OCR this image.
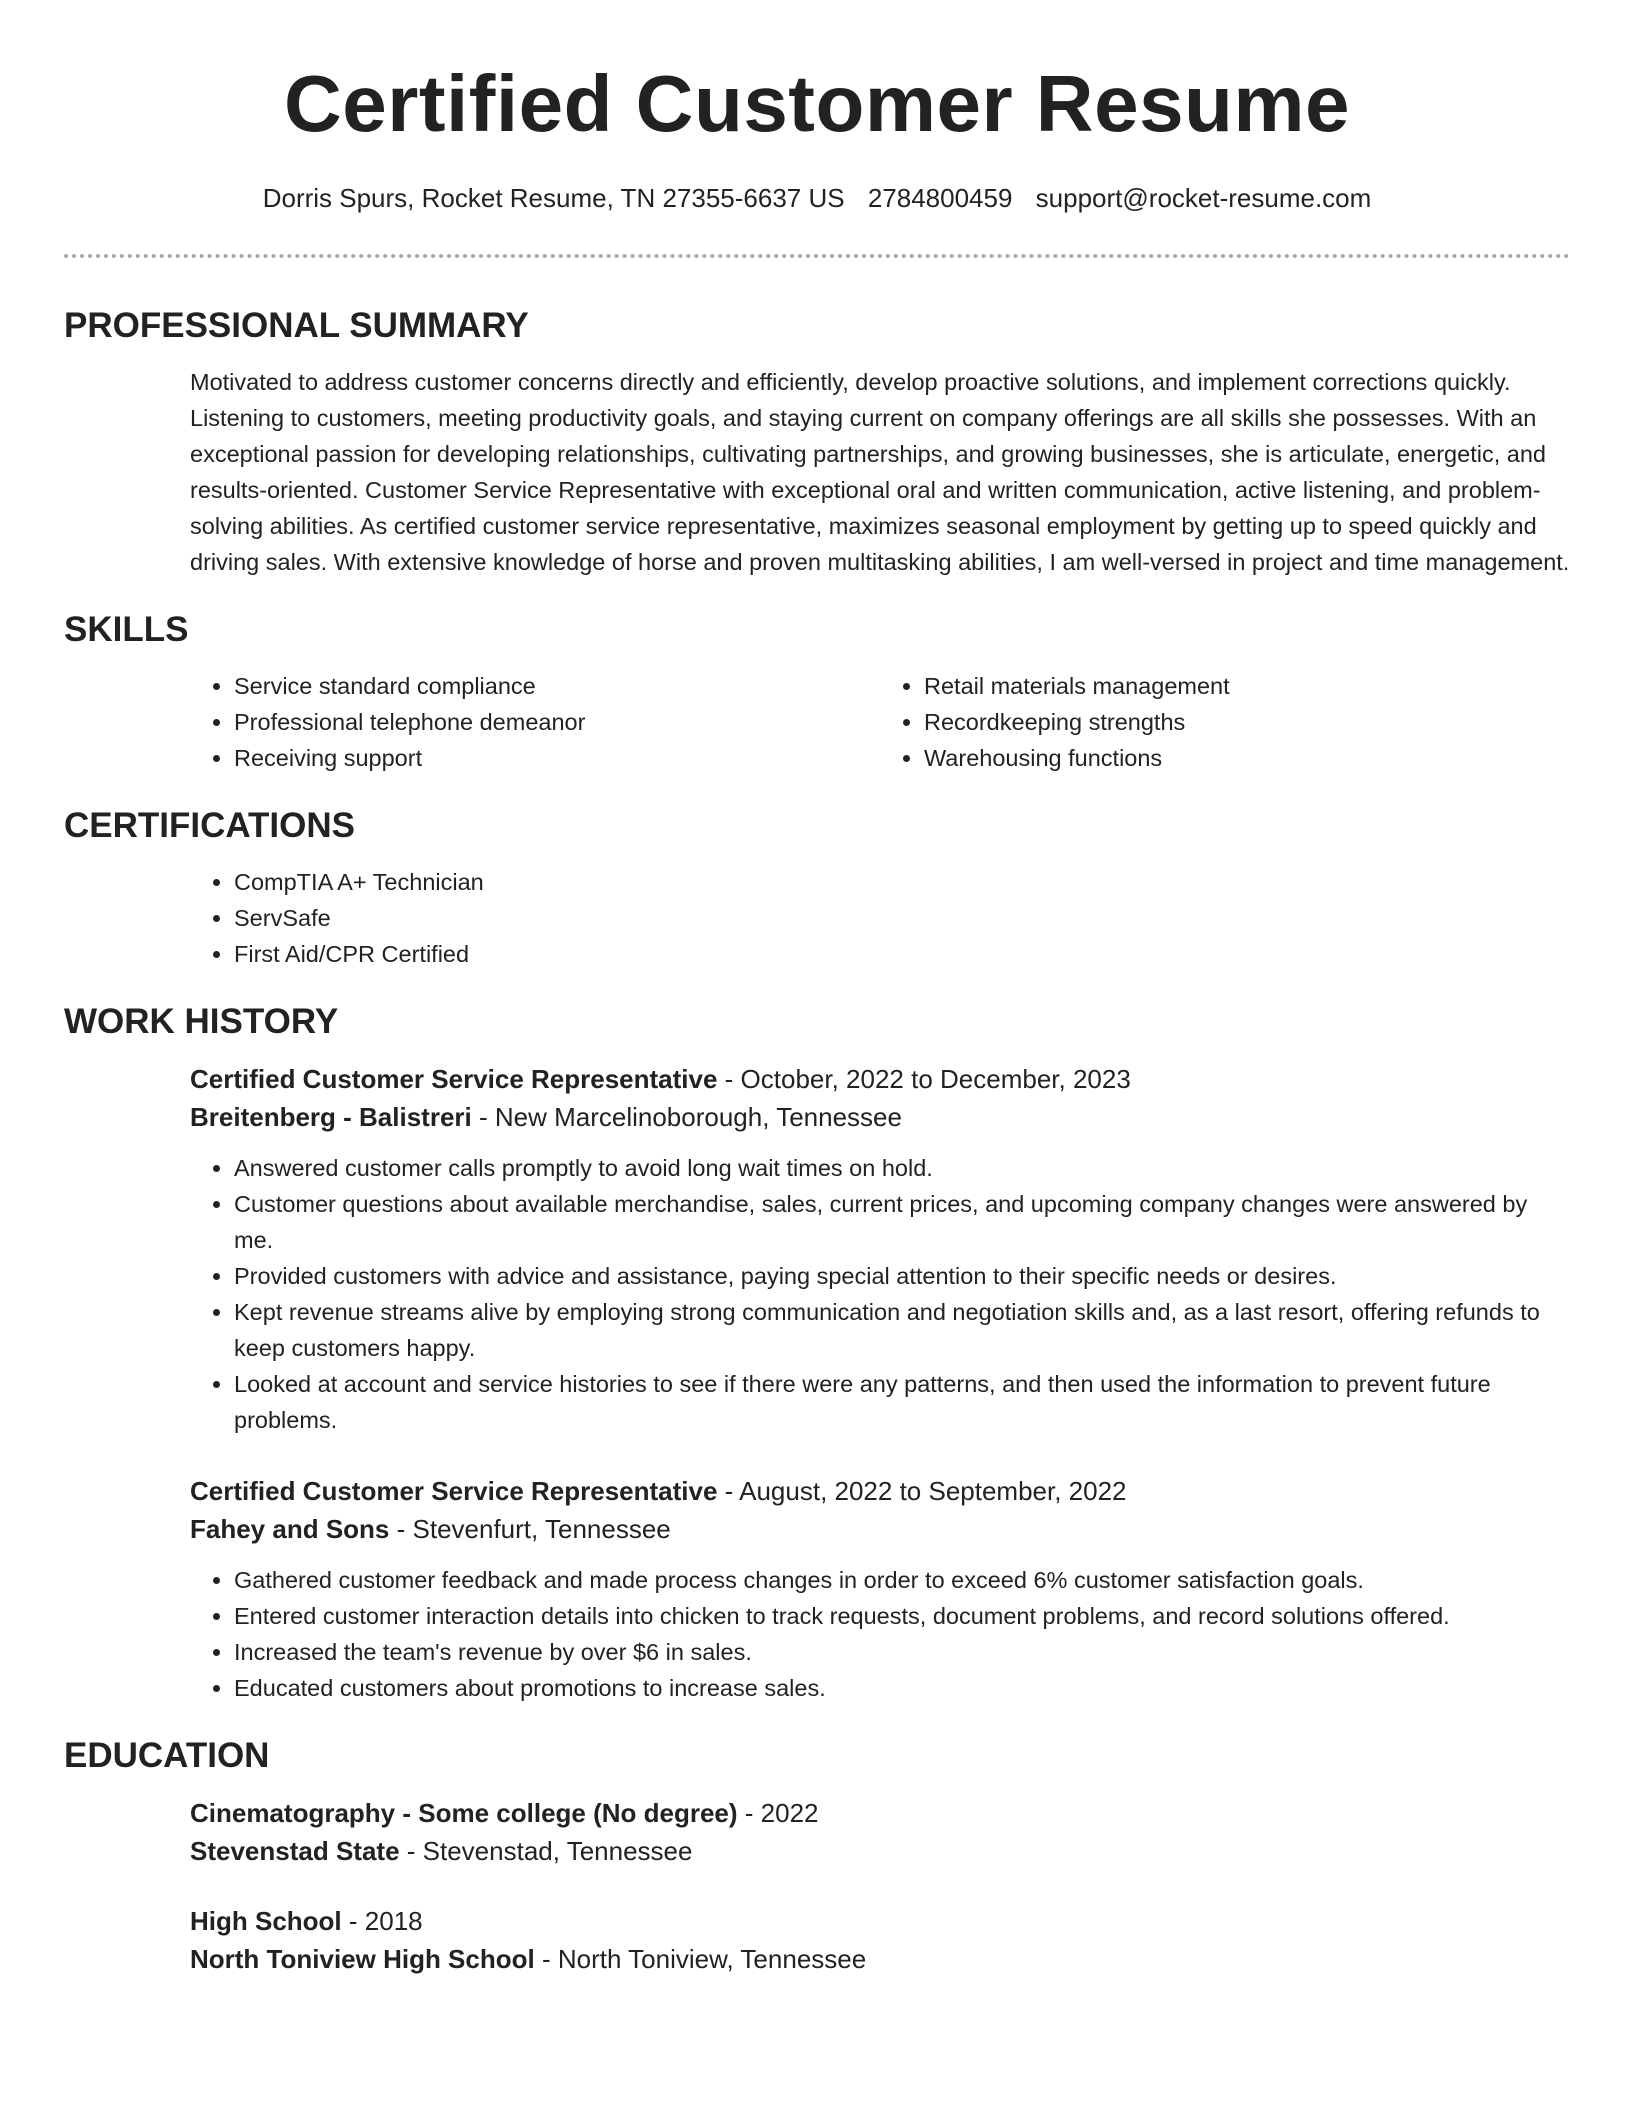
Certified Customer Resume
Dorris Spurs, Rocket Resume, TN 27355-6637 US 2784800459 support@rocket-resume.com
PROFESSIONAL SUMMARY

Motivated to address customer concerns directly and efficiently, develop proactive solutions, and implement corrections quickly. Listening to customers, meeting productivity goals, and staying current on company offerings are all skills she possesses. With an exceptional passion for developing relationships, cultivating partnerships, and growing businesses, she is articulate, energetic, and results-oriented. Customer Service Representative with exceptional oral and written communication, active listening, and problem-solving abilities. As certified customer service representative, maximizes seasonal employment by getting up to speed quickly and driving sales. With extensive knowledge of horse and proven multitasking abilities, I am well-versed in project and time management.

SKILLS
• Service standard compliance
• Professional telephone demeanor
• Receiving support
• Retail materials management
• Recordkeeping strengths
• Warehousing functions
CERTIFICATIONS
• CompTIA A+ Technician
• ServSafe
• First Aid/CPR Certified
WORK HISTORY
Certified Customer Service Representative - October, 2022 to December, 2023
Breitenberg - Balistreri - New Marcelinoborough, Tennessee
• Answered customer calls promptly to avoid long wait times on hold.
• Customer questions about available merchandise, sales, current prices, and upcoming company changes were answered by me.
• Provided customers with advice and assistance, paying special attention to their specific needs or desires.
• Kept revenue streams alive by employing strong communication and negotiation skills and, as a last resort, offering refunds to keep customers happy.
• Looked at account and service histories to see if there were any patterns, and then used the information to prevent future problems.
Certified Customer Service Representative - August, 2022 to September, 2022
Fahey and Sons - Stevenfurt, Tennessee
• Gathered customer feedback and made process changes in order to exceed 6% customer satisfaction goals.
• Entered customer interaction details into chicken to track requests, document problems, and record solutions offered.
• Increased the team's revenue by over $6 in sales.
• Educated customers about promotions to increase sales.
EDUCATION
Cinematography - Some college (No degree) - 2022
Stevenstad State - Stevenstad, Tennessee
High School - 2018
North Toniview High School - North Toniview, Tennessee
